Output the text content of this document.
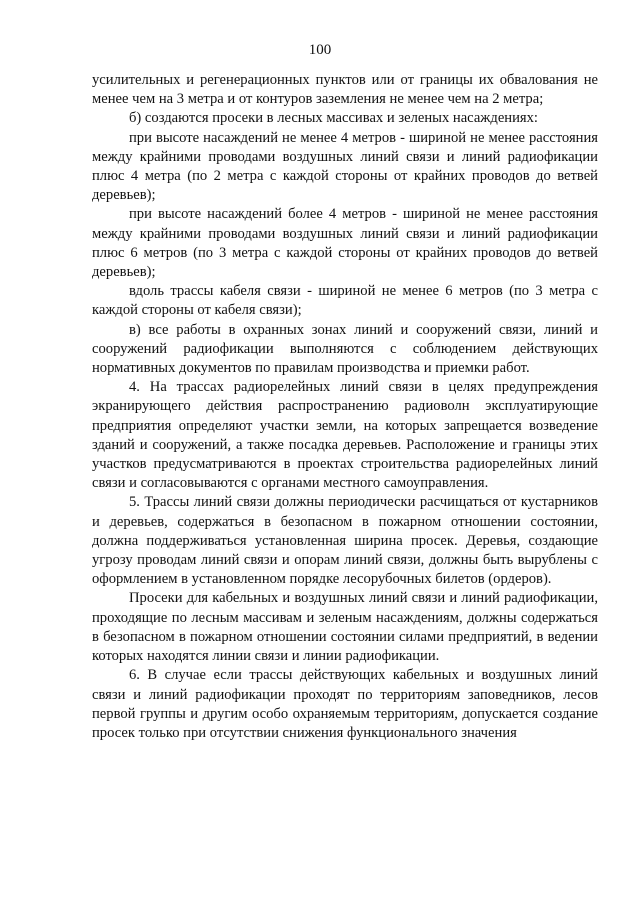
100

усилительных и регенерационных пунктов или от границы их обвалования не менее чем на 3 метра и от контуров заземления не менее чем на 2 метра;

б) создаются просеки в лесных массивах и зеленых насаждениях:

при высоте насаждений не менее 4 метров - шириной не менее расстояния между крайними проводами воздушных линий связи и линий радиофикации плюс 4 метра (по 2 метра с каждой стороны от крайних проводов до ветвей деревьев);

при высоте насаждений более 4 метров - шириной не менее расстояния между крайними проводами воздушных линий связи и линий радиофикации плюс 6 метров (по 3 метра с каждой стороны от крайних проводов до ветвей деревьев);

вдоль трассы кабеля связи - шириной не менее 6 метров (по 3 метра с каждой стороны от кабеля связи);

в) все работы в охранных зонах линий и сооружений связи, линий и сооружений радиофикации выполняются с соблюдением действующих нормативных документов по правилам производства и приемки работ.

4. На трассах радиорелейных линий связи в целях предупреждения экранирующего действия распространению радиоволн эксплуатирующие предприятия определяют участки земли, на которых запрещается возведение зданий и сооружений, а также посадка деревьев. Расположение и границы этих участков предусматриваются в проектах строительства радиорелейных линий связи и согласовываются с органами местного самоуправления.

5. Трассы линий связи должны периодически расчищаться от кустарников и деревьев, содержаться в безопасном в пожарном отношении состоянии, должна поддерживаться установленная ширина просек. Деревья, создающие угрозу проводам линий связи и опорам линий связи, должны быть вырублены с оформлением в установленном порядке лесорубочных билетов (ордеров).

Просеки для кабельных и воздушных линий связи и линий радиофикации, проходящие по лесным массивам и зеленым насаждениям, должны содержаться в безопасном в пожарном отношении состоянии силами предприятий, в ведении которых находятся линии связи и линии радиофикации.

6. В случае если трассы действующих кабельных и воздушных линий связи и линий радиофикации проходят по территориям заповедников, лесов первой группы и другим особо охраняемым территориям, допускается создание просек только при отсутствии снижения функционального значения
